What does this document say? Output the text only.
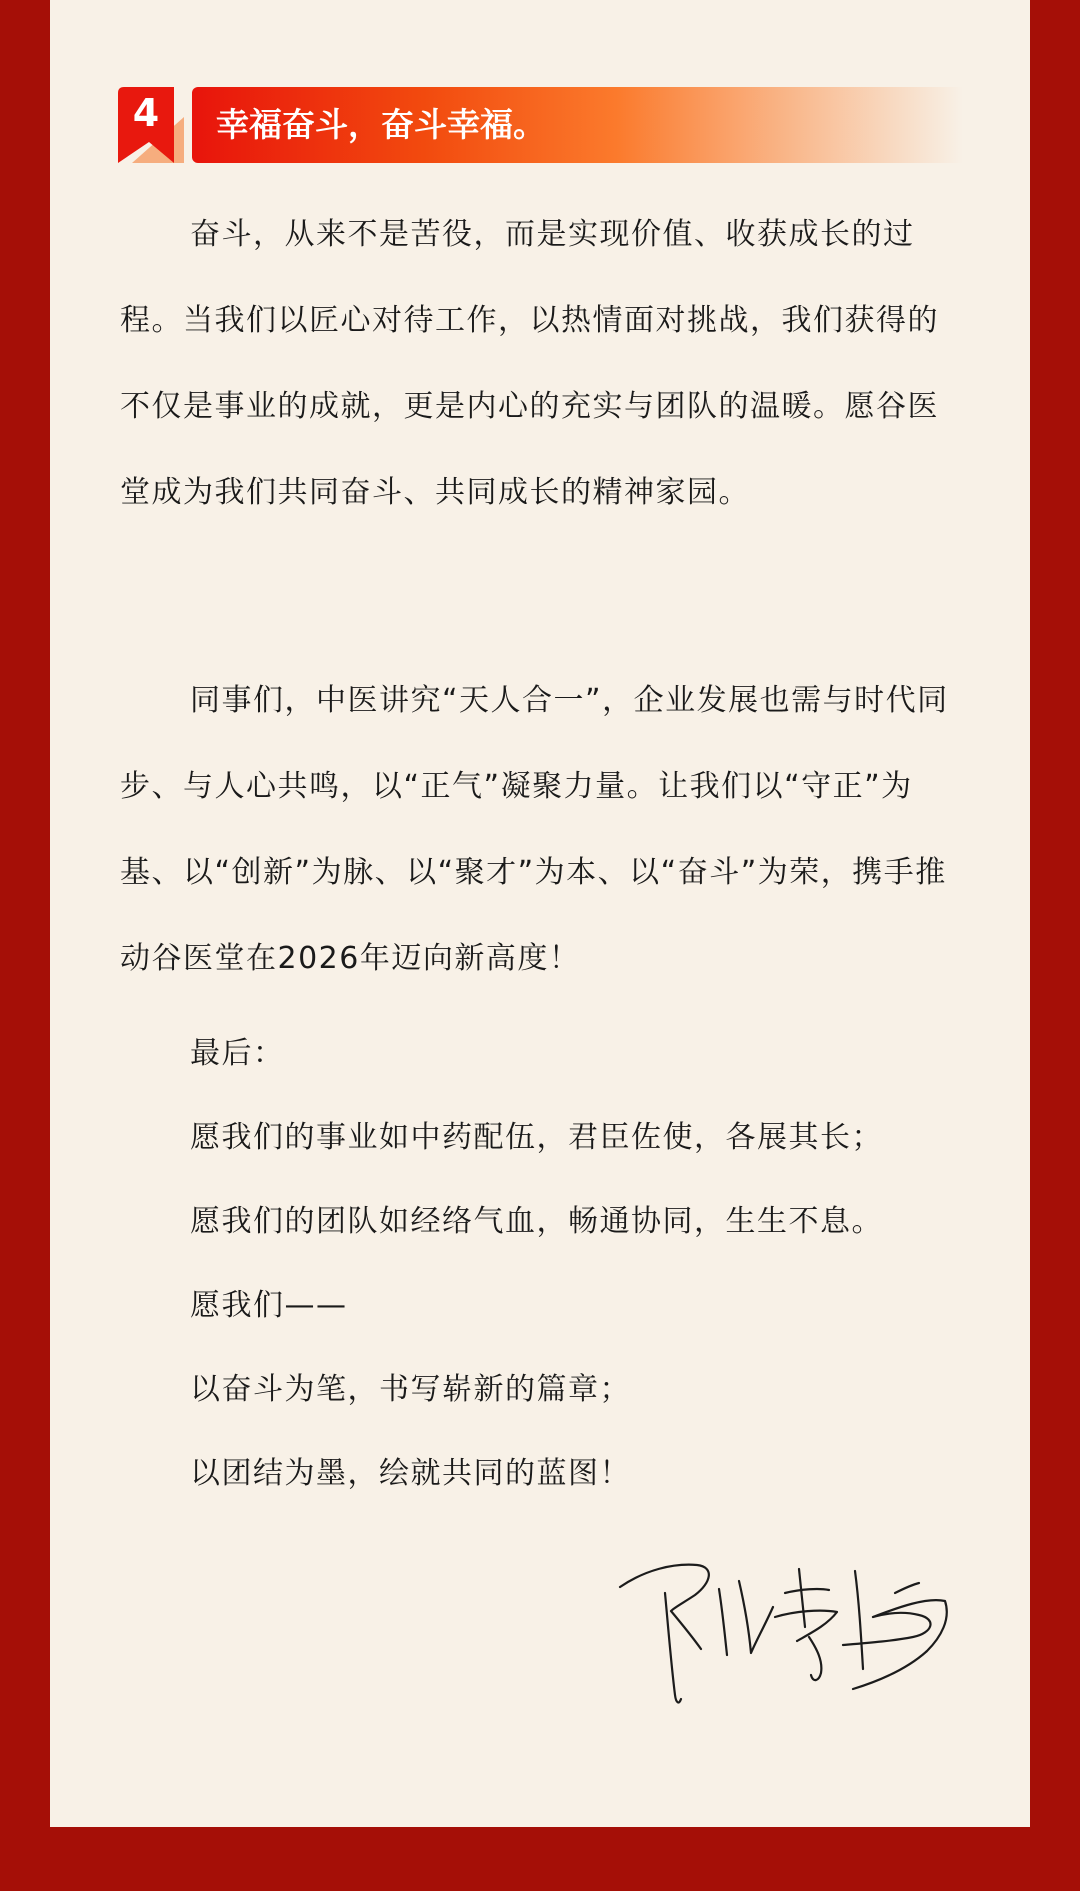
4	幸福奋斗，奋斗幸福。

奋斗，从来不是苦役，而是实现价值、收获成长的过程。当我们以匠心对待工作，以热情面对挑战，我们获得的不仅是事业的成就，更是内心的充实与团队的温暖。愿谷医堂成为我们共同奋斗、共同成长的精神家园。

同事们，中医讲究“天人合一”，企业发展也需与时代同步、与人心共鸣，以“正气”凝聚力量。让我们以“守正”为基、以“创新”为脉、以“聚才”为本、以“奋斗”为荣，携手推动谷医堂在2026年迈向新高度！

最后：

愿我们的事业如中药配伍，君臣佐使，各展其长；

愿我们的团队如经络气血，畅通协同，生生不息。

愿我们——

以奋斗为笔，书写崭新的篇章；

以团结为墨，绘就共同的蓝图！
